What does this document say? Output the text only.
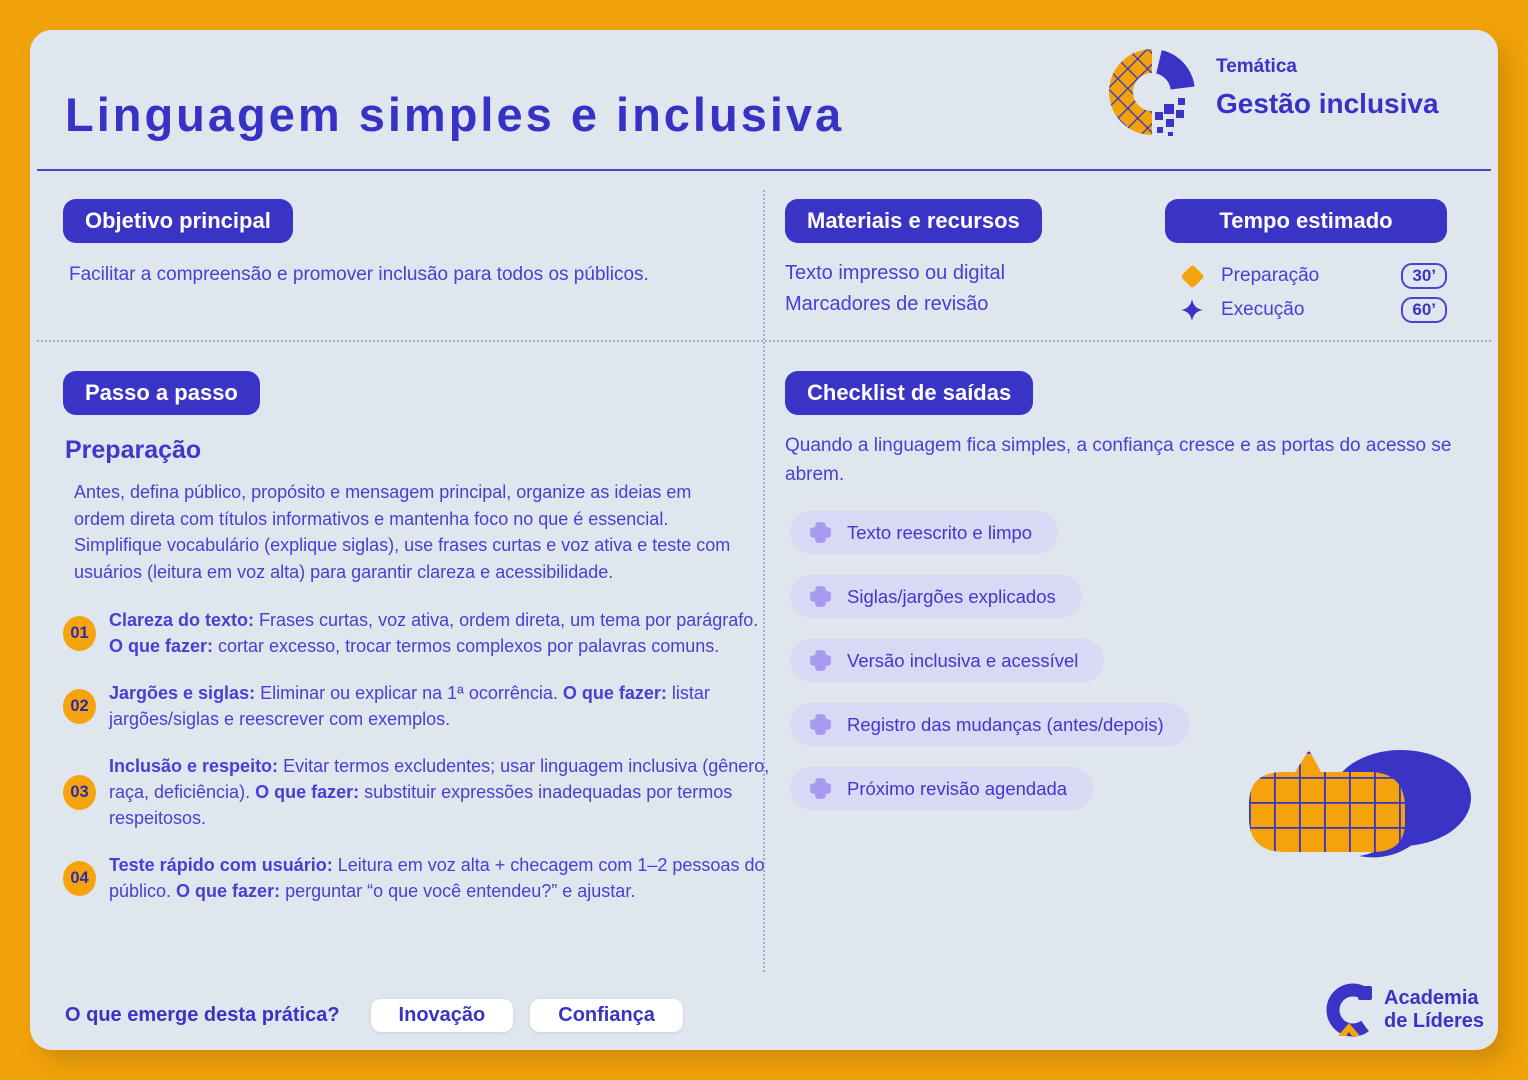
Linguagem simples e inclusiva
Temática
Gestão inclusiva
Objetivo principal

Facilitar a compreensão e promover inclusão para todos os públicos.

Materiais e recursos
Texto impresso ou digital
Marcadores de revisão
Tempo estimado
Preparação	30’
Execução	60’
Passo a passo
Preparação

Antes, defina público, propósito e mensagem principal, organize as ideias em ordem direta com títulos informativos e mantenha foco no que é essencial. Simplifique vocabulário (explique siglas), use frases curtas e voz ativa e teste com usuários (leitura em voz alta) para garantir clareza e acessibilidade.

01
Clareza do texto: Frases curtas, voz ativa, ordem direta, um tema por parágrafo. O que fazer: cortar excesso, trocar termos complexos por palavras comuns.
02
Jargões e siglas: Eliminar ou explicar na 1ª ocorrência. O que fazer: listar jargões/siglas e reescrever com exemplos.
03
Inclusão e respeito: Evitar termos excludentes; usar linguagem inclusiva (gênero, raça, deficiência). O que fazer: substituir expressões inadequadas por termos respeitosos.
04
Teste rápido com usuário: Leitura em voz alta + checagem com 1–2 pessoas do público. O que fazer: perguntar “o que você entendeu?” e ajustar.
Checklist de saídas

Quando a linguagem fica simples, a confiança cresce e as portas do acesso se abrem.

Texto reescrito e limpo
Siglas/jargões explicados
Versão inclusiva e acessível
Registro das mudanças (antes/depois)
Próximo revisão agendada
O que emerge desta prática?	Inovação	Confiança
Academia
de Líderes
